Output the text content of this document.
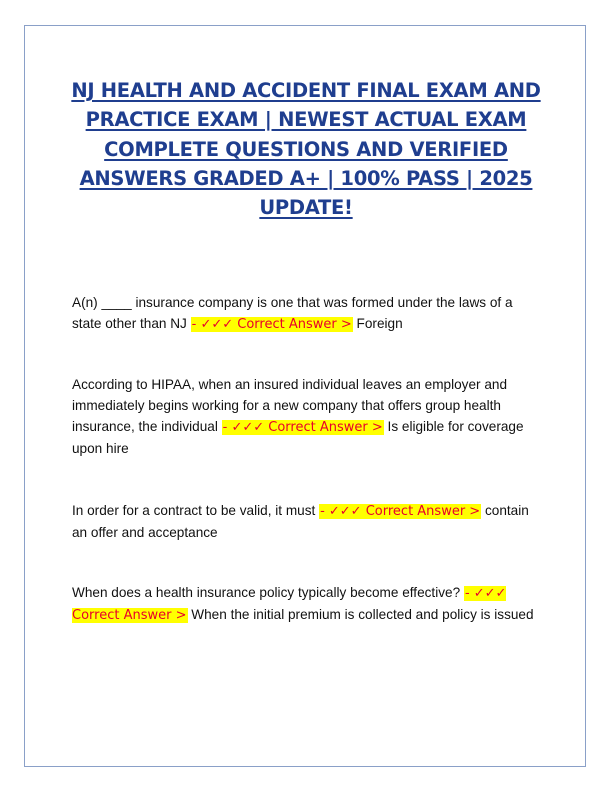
NJ HEALTH AND ACCIDENT FINAL EXAM AND PRACTICE EXAM | NEWEST ACTUAL EXAM COMPLETE QUESTIONS AND VERIFIED ANSWERS GRADED A+ | 100% PASS | 2025 UPDATE!

A(n) ____ insurance company is one that was formed under the laws of a state other than NJ - ✓✓✓ Correct Answer > Foreign

According to HIPAA, when an insured individual leaves an employer and immediately begins working for a new company that offers group health insurance, the individual - ✓✓✓ Correct Answer > Is eligible for coverage upon hire

In order for a contract to be valid, it must - ✓✓✓ Correct Answer > contain an offer and acceptance

When does a health insurance policy typically become effective? - ✓✓✓ Correct Answer > When the initial premium is collected and policy is issued
